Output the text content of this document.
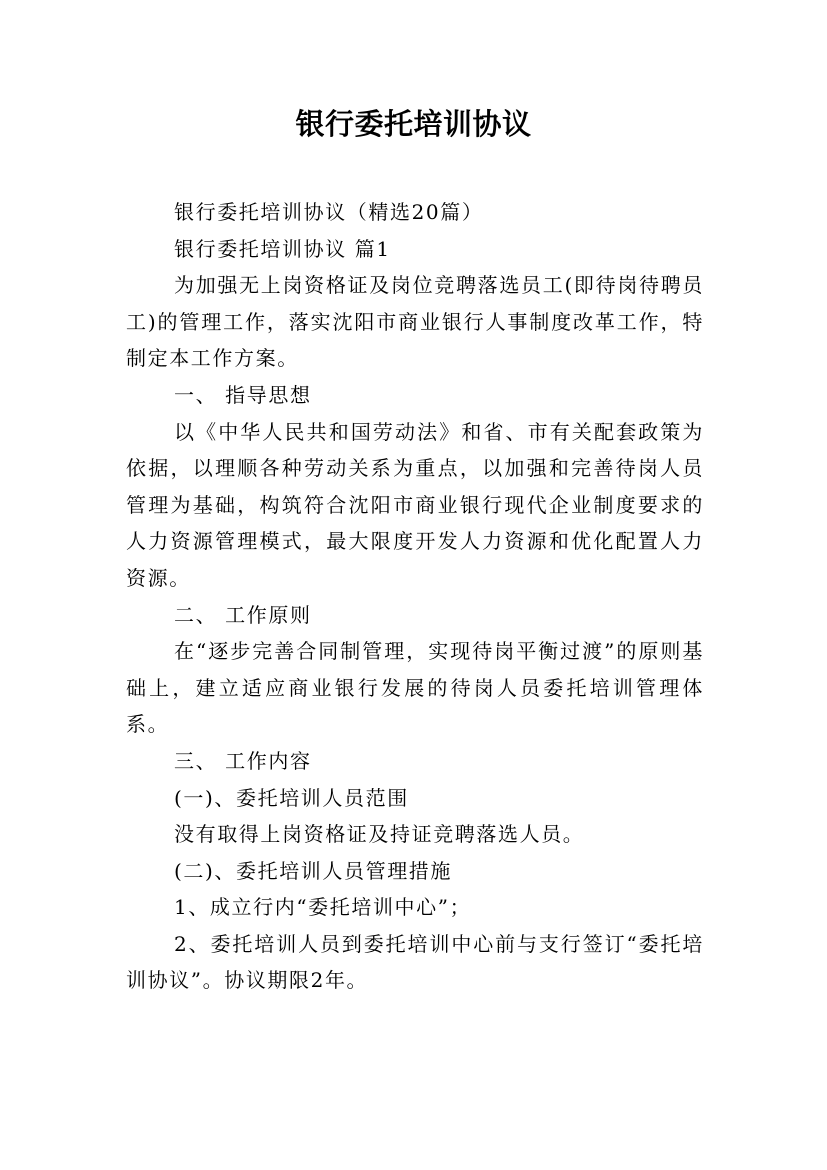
银行委托培训协议

银行委托培训协议（精选20篇）

银行委托培训协议 篇1

为加强无上岗资格证及岗位竞聘落选员工(即待岗待聘员工)的管理工作，落实沈阳市商业银行人事制度改革工作，特制定本工作方案。

一、 指导思想

以《中华人民共和国劳动法》和省、市有关配套政策为依据，以理顺各种劳动关系为重点，以加强和完善待岗人员管理为基础，构筑符合沈阳市商业银行现代企业制度要求的人力资源管理模式，最大限度开发人力资源和优化配置人力资源。

二、 工作原则

在“逐步完善合同制管理，实现待岗平衡过渡”的原则基础上，建立适应商业银行发展的待岗人员委托培训管理体系。

三、 工作内容

(一)、委托培训人员范围

没有取得上岗资格证及持证竞聘落选人员。

(二)、委托培训人员管理措施

1、成立行内“委托培训中心”；

2、委托培训人员到委托培训中心前与支行签订“委托培训协议”。协议期限2年。
